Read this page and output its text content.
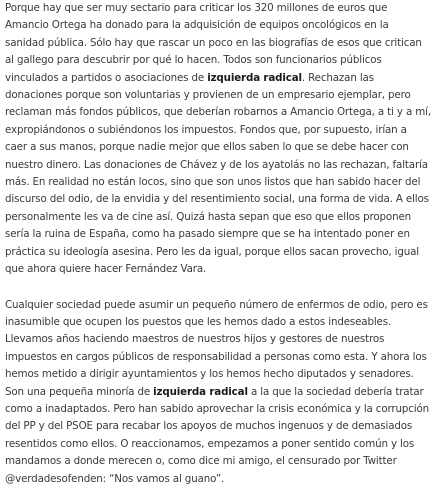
Porque hay que ser muy sectario para criticar los 320 millones de euros que Amancio Ortega ha donado para la adquisición de equipos oncológicos en la sanidad pública. Sólo hay que rascar un poco en las biografías de esos que critican al gallego para descubrir por qué lo hacen. Todos son funcionarios públicos vinculados a partidos o asociaciones de izquierda radical. Rechazan las donaciones porque son voluntarias y provienen de un empresario ejemplar, pero reclaman más fondos públicos, que deberían robarnos a Amancio Ortega, a ti y a mí, expropiándonos o subiéndonos los impuestos. Fondos que, por supuesto, irían a caer a sus manos, porque nadie mejor que ellos saben lo que se debe hacer con nuestro dinero. Las donaciones de Chávez y de los ayatolás no las rechazan, faltaría más. En realidad no están locos, sino que son unos listos que han sabido hacer del discurso del odio, de la envidia y del resentimiento social, una forma de vida. A ellos personalmente les va de cine así. Quizá hasta sepan que eso que ellos proponen sería la ruina de España, como ha pasado siempre que se ha intentado poner en práctica su ideología asesina. Pero les da igual, porque ellos sacan provecho, igual que ahora quiere hacer Fernández Vara.

Cualquier sociedad puede asumir un pequeño número de enfermos de odio, pero es inasumible que ocupen los puestos que les hemos dado a estos indeseables. Llevamos años haciendo maestros de nuestros hijos y gestores de nuestros impuestos en cargos públicos de responsabilidad a personas como esta. Y ahora los hemos metido a dirigir ayuntamientos y los hemos hecho diputados y senadores. Son una pequeña minoría de izquierda radical a la que la sociedad debería tratar como a inadaptados. Pero han sabido aprovechar la crisis económica y la corrupción del PP y del PSOE para recabar los apoyos de muchos ingenuos y de demasiados resentidos como ellos. O reaccionamos, empezamos a poner sentido común y los mandamos a donde merecen o, como dice mi amigo, el censurado por Twitter @verdadesofenden: “Nos vamos al guano”.
